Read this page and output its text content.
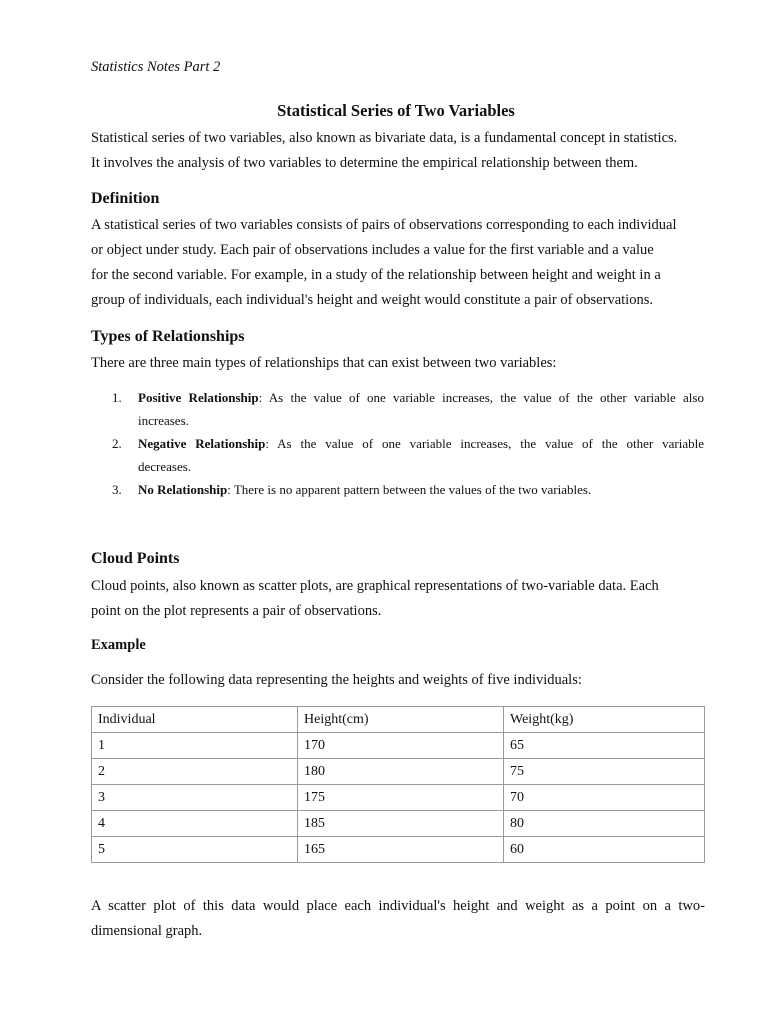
Statistics Notes Part 2
Statistical Series of Two Variables
Statistical series of two variables, also known as bivariate data, is a fundamental concept in statistics.
It involves the analysis of two variables to determine the empirical relationship between them.
Definition
A statistical series of two variables consists of pairs of observations corresponding to each individual
or object under study. Each pair of observations includes a value for the first variable and a value
for the second variable. For example, in a study of the relationship between height and weight in a
group of individuals, each individual's height and weight would constitute a pair of observations.
Types of Relationships
There are three main types of relationships that can exist between two variables:
1. Positive Relationship: As the value of one variable increases, the value of the other variable also
increases.
2. Negative Relationship: As the value of one variable increases, the value of the other variable
decreases.
3. No Relationship: There is no apparent pattern between the values of the two variables.
Cloud Points
Cloud points, also known as scatter plots, are graphical representations of two-variable data. Each
point on the plot represents a pair of observations.
Example
Consider the following data representing the heights and weights of five individuals:
Individual	Height(cm)	Weight(kg)
1	170	65
2	180	75
3	175	70
4	185	80
5	165	60
A scatter plot of this data would place each individual's height and weight as a point on a two-
dimensional graph.
